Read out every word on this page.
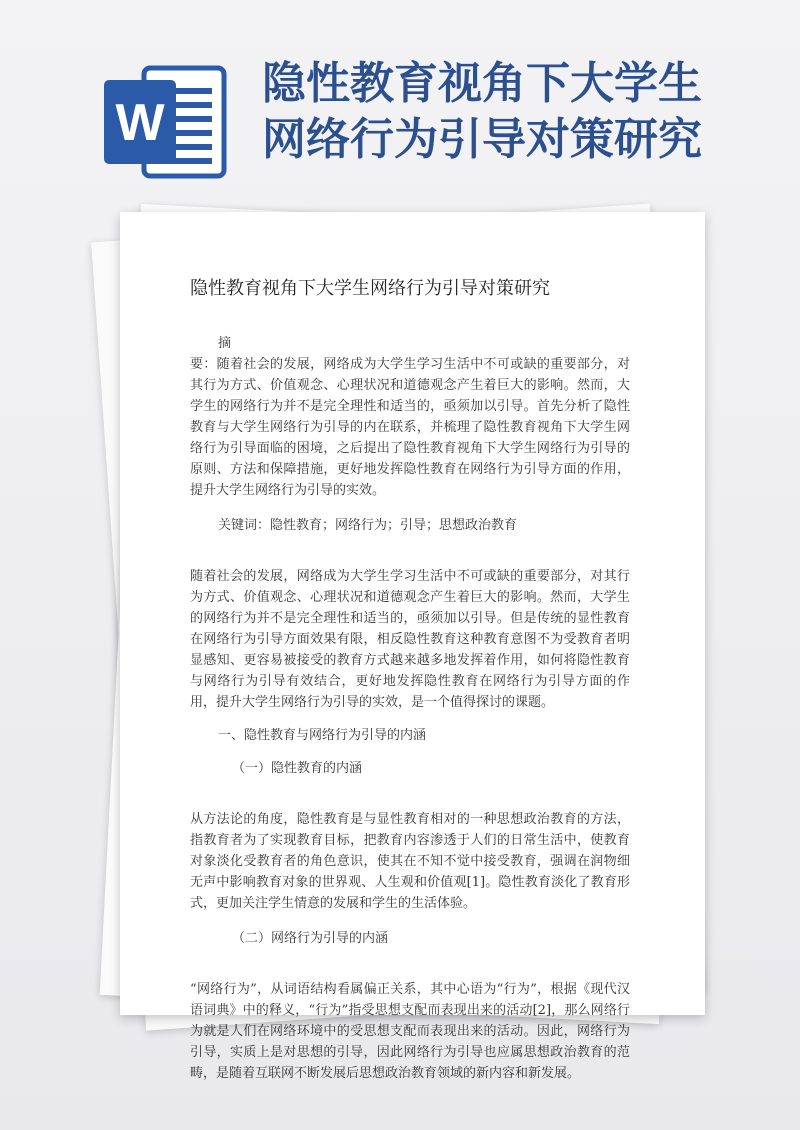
W
隐性教育视角下大学生
网络行为引导对策研究
隐性教育视角下大学生网络行为引导对策研究

摘

要：随着社会的发展，网络成为大学生学习生活中不可或缺的重要部分，对其行为方式、价值观念、心理状况和道德观念产生着巨大的影响。然而，大学生的网络行为并不是完全理性和适当的，亟须加以引导。首先分析了隐性教育与大学生网络行为引导的内在联系，并梳理了隐性教育视角下大学生网络行为引导面临的困境，之后提出了隐性教育视角下大学生网络行为引导的原则、方法和保障措施，更好地发挥隐性教育在网络行为引导方面的作用，提升大学生网络行为引导的实效。

关键词：隐性教育；网络行为；引导；思想政治教育

随着社会的发展，网络成为大学生学习生活中不可或缺的重要部分，对其行为方式、价值观念、心理状况和道德观念产生着巨大的影响。然而，大学生的网络行为并不是完全理性和适当的，亟须加以引导。但是传统的显性教育在网络行为引导方面效果有限，相反隐性教育这种教育意图不为受教育者明显感知、更容易被接受的教育方式越来越多地发挥着作用，如何将隐性教育与网络行为引导有效结合，更好地发挥隐性教育在网络行为引导方面的作用，提升大学生网络行为引导的实效，是一个值得探讨的课题。

一、隐性教育与网络行为引导的内涵

（一）隐性教育的内涵

从方法论的角度，隐性教育是与显性教育相对的一种思想政治教育的方法，指教育者为了实现教育目标，把教育内容渗透于人们的日常生活中，使教育对象淡化受教育者的角色意识，使其在不知不觉中接受教育，强调在润物细无声中影响教育对象的世界观、人生观和价值观[1]。隐性教育淡化了教育形式，更加关注学生情意的发展和学生的生活体验。

（二）网络行为引导的内涵

“网络行为”，从词语结构看属偏正关系，其中心语为“行为”，根据《现代汉语词典》中的释义，“行为”指受思想支配而表现出来的活动[2]，那么网络行为就是人们在网络环境中的受思想支配而表现出来的活动。因此，网络行为引导，实质上是对思想的引导，因此网络行为引导也应属思想政治教育的范畴，是随着互联网不断发展后思想政治教育领域的新内容和新发展。
